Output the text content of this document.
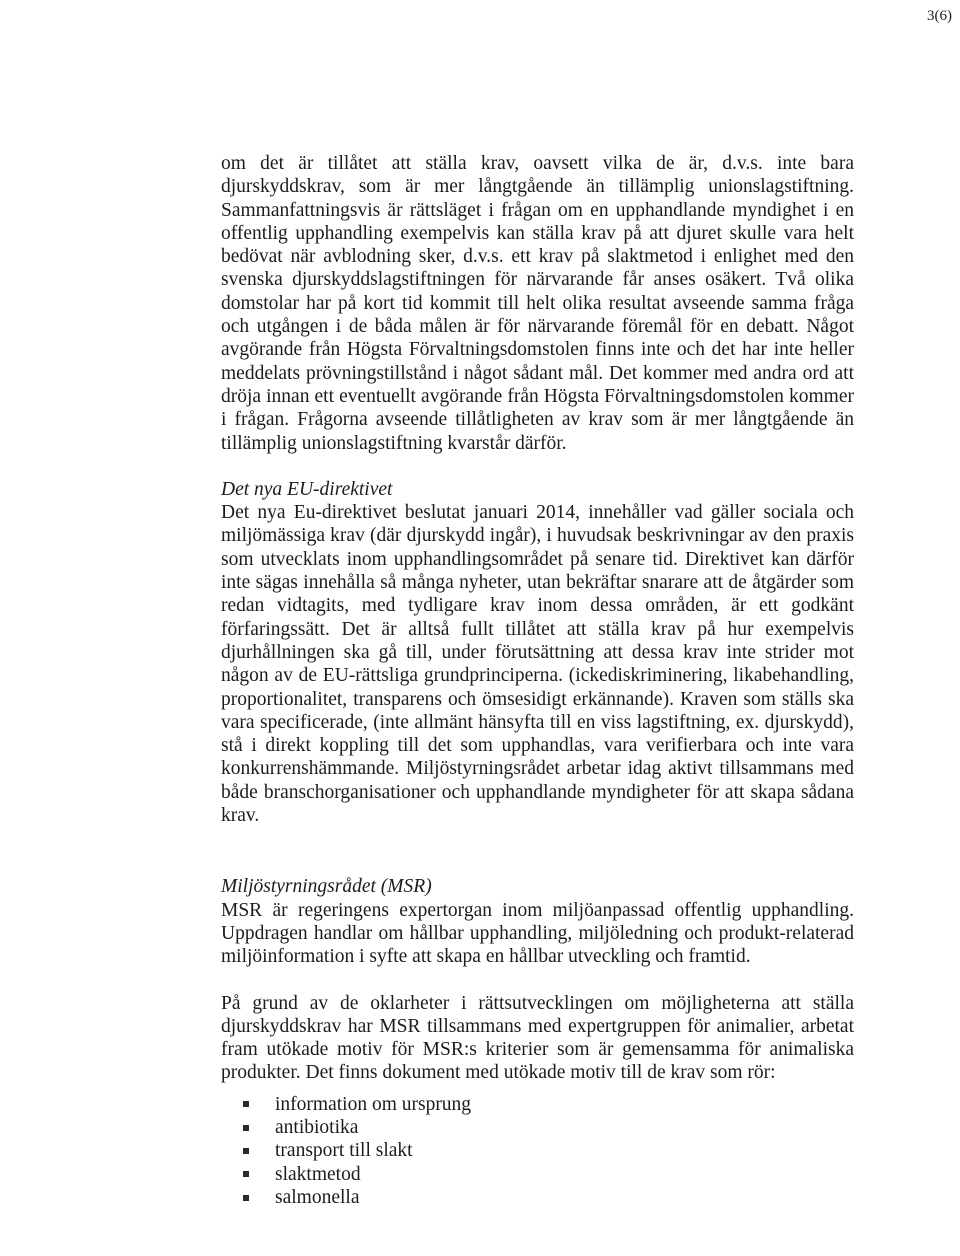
3(6)

om det är tillåtet att ställa krav, oavsett vilka de är, d.v.s. inte bara djurskyddskrav, som är mer långtgående än tillämplig unionslagstiftning. Sammanfattningsvis är rättsläget i frågan om en upphandlande myndighet i en offentlig upphandling exempelvis kan ställa krav på att djuret skulle vara helt bedövat när avblodning sker, d.v.s. ett krav på slaktmetod i enlighet med den svenska djurskyddslagstiftningen för närvarande får anses osäkert. Två olika domstolar har på kort tid kommit till helt olika resultat avseende samma fråga och utgången i de båda målen är för närvarande föremål för en debatt. Något avgörande från Högsta Förvaltningsdomstolen finns inte och det har inte heller meddelats prövningstillstånd i något sådant mål. Det kommer med andra ord att dröja innan ett eventuellt avgörande från Högsta Förvaltningsdomstolen kommer i frågan. Frågorna avseende tillåtligheten av krav som är mer långtgående än tillämplig unionslagstiftning kvarstår därför.

Det nya EU-direktivet

Det nya Eu-direktivet beslutat januari 2014, innehåller vad gäller sociala och miljömässiga krav (där djurskydd ingår), i huvudsak beskrivningar av den praxis som utvecklats inom upphandlingsområdet på senare tid. Direktivet kan därför inte sägas innehålla så många nyheter, utan bekräftar snarare att de åtgärder som redan vidtagits, med tydligare krav inom dessa områden, är ett godkänt förfaringssätt. Det är alltså fullt tillåtet att ställa krav på hur exempelvis djurhållningen ska gå till, under förutsättning att dessa krav inte strider mot någon av de EU-rättsliga grundprinciperna. (ickediskriminering, likabehandling, proportionalitet, transparens och ömsesidigt erkännande). Kraven som ställs ska vara specificerade, (inte allmänt hänsyfta till en viss lagstiftning, ex. djurskydd), stå i direkt koppling till det som upphandlas, vara verifierbara och inte vara konkurrenshämmande. Miljöstyrningsrådet arbetar idag aktivt tillsammans med både branschorganisationer och upphandlande myndigheter för att skapa sådana krav.

Miljöstyrningsrådet (MSR)

MSR är regeringens expertorgan inom miljöanpassad offentlig upphandling. Uppdragen handlar om hållbar upphandling, miljöledning och produkt-relaterad miljöinformation i syfte att skapa en hållbar utveckling och framtid.

På grund av de oklarheter i rättsutvecklingen om möjligheterna att ställa djurskyddskrav har MSR tillsammans med expertgruppen för animalier, arbetat fram utökade motiv för MSR:s kriterier som är gemensamma för animaliska produkter. Det finns dokument med utökade motiv till de krav som rör:

information om ursprung
antibiotika
transport till slakt
slaktmetod
salmonella
